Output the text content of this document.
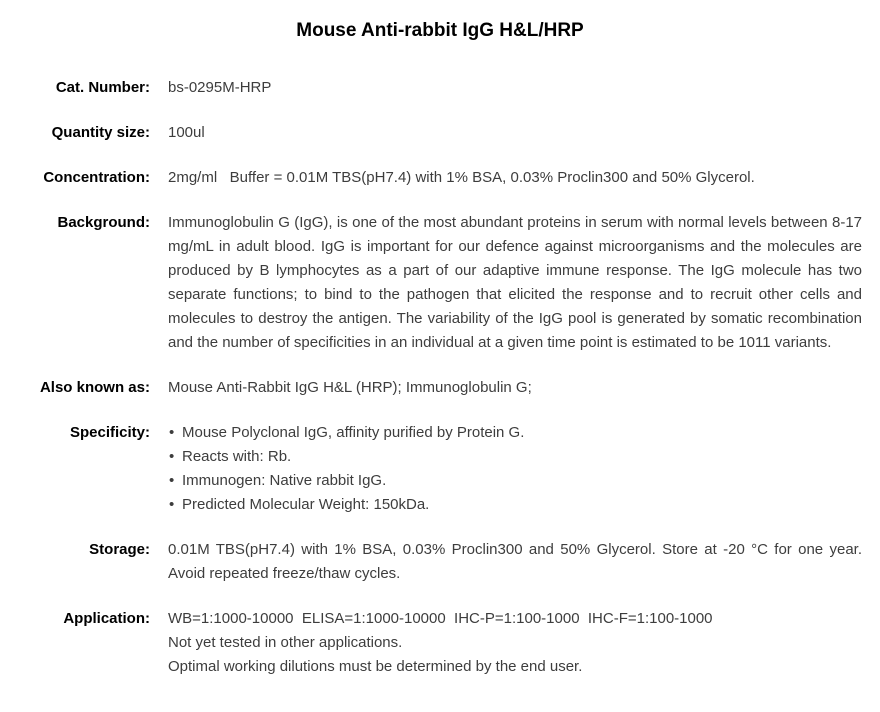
Mouse Anti-rabbit IgG H&L/HRP
Cat. Number: bs-0295M-HRP
Quantity size: 100ul
Concentration: 2mg/ml   Buffer = 0.01M TBS(pH7.4) with 1% BSA, 0.03% Proclin300 and 50% Glycerol.
Background: Immunoglobulin G (IgG), is one of the most abundant proteins in serum with normal levels between 8-17 mg/mL in adult blood. IgG is important for our defence against microorganisms and the molecules are produced by B lymphocytes as a part of our adaptive immune response. The IgG molecule has two separate functions; to bind to the pathogen that elicited the response and to recruit other cells and molecules to destroy the antigen. The variability of the IgG pool is generated by somatic recombination and the number of specificities in an individual at a given time point is estimated to be 1011 variants.
Also known as: Mouse Anti-Rabbit IgG H&L (HRP); Immunoglobulin G;
Specificity:	• Mouse Polyclonal IgG, affinity purified by Protein G.
• Reacts with: Rb.
• Immunogen: Native rabbit IgG.
• Predicted Molecular Weight: 150kDa.
Storage: 0.01M TBS(pH7.4) with 1% BSA, 0.03% Proclin300 and 50% Glycerol. Store at -20 °C for one year. Avoid repeated freeze/thaw cycles.
Application: WB=1:1000-10000  ELISA=1:1000-10000  IHC-P=1:100-1000  IHC-F=1:100-1000
Not yet tested in other applications.
Optimal working dilutions must be determined by the end user.
